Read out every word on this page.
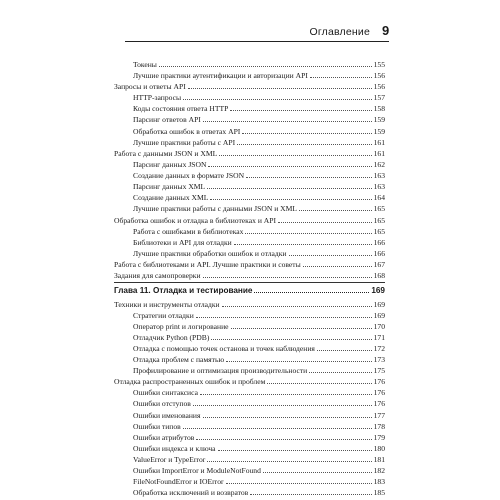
Оглавление 9
Токены	155
Лучшие практики аутентификации и авторизации API	156
Запросы и ответы API	156
HTTP-запросы	157
Коды состояния ответа HTTP	158
Парсинг ответов API	159
Обработка ошибок в ответах API	159
Лучшие практики работы с API	161
Работа с данными JSON и XML	161
Парсинг данных JSON	162
Создание данных в формате JSON	163
Парсинг данных XML	163
Создание данных XML	164
Лучшие практики работы с данными JSON и XML	165
Обработка ошибок и отладка в библиотеках и API	165
Работа с ошибками в библиотеках	165
Библиотеки и API для отладки	166
Лучшие практики обработки ошибок и отладки	166
Работа с библиотеками и API. Лучшие практики и советы	167
Задания для самопроверки	168
Глава 11. Отладка и тестирование	169
Техники и инструменты отладки	169
Стратегии отладки	169
Оператор print и логирование	170
Отладчик Python (PDB)	171
Отладка с помощью точек останова и точек наблюдения	172
Отладка проблем с памятью	173
Профилирование и оптимизация производительности	175
Отладка распространенных ошибок и проблем	176
Ошибки синтаксиса	176
Ошибки отступов	176
Ошибки именования	177
Ошибки типов	178
Ошибки атрибутов	179
Ошибки индекса и ключа	180
ValueError и TypeError	181
Ошибки ImportError и ModuleNotFound	182
FileNotFoundError и IOError	183
Обработка исключений и возвратов	185
